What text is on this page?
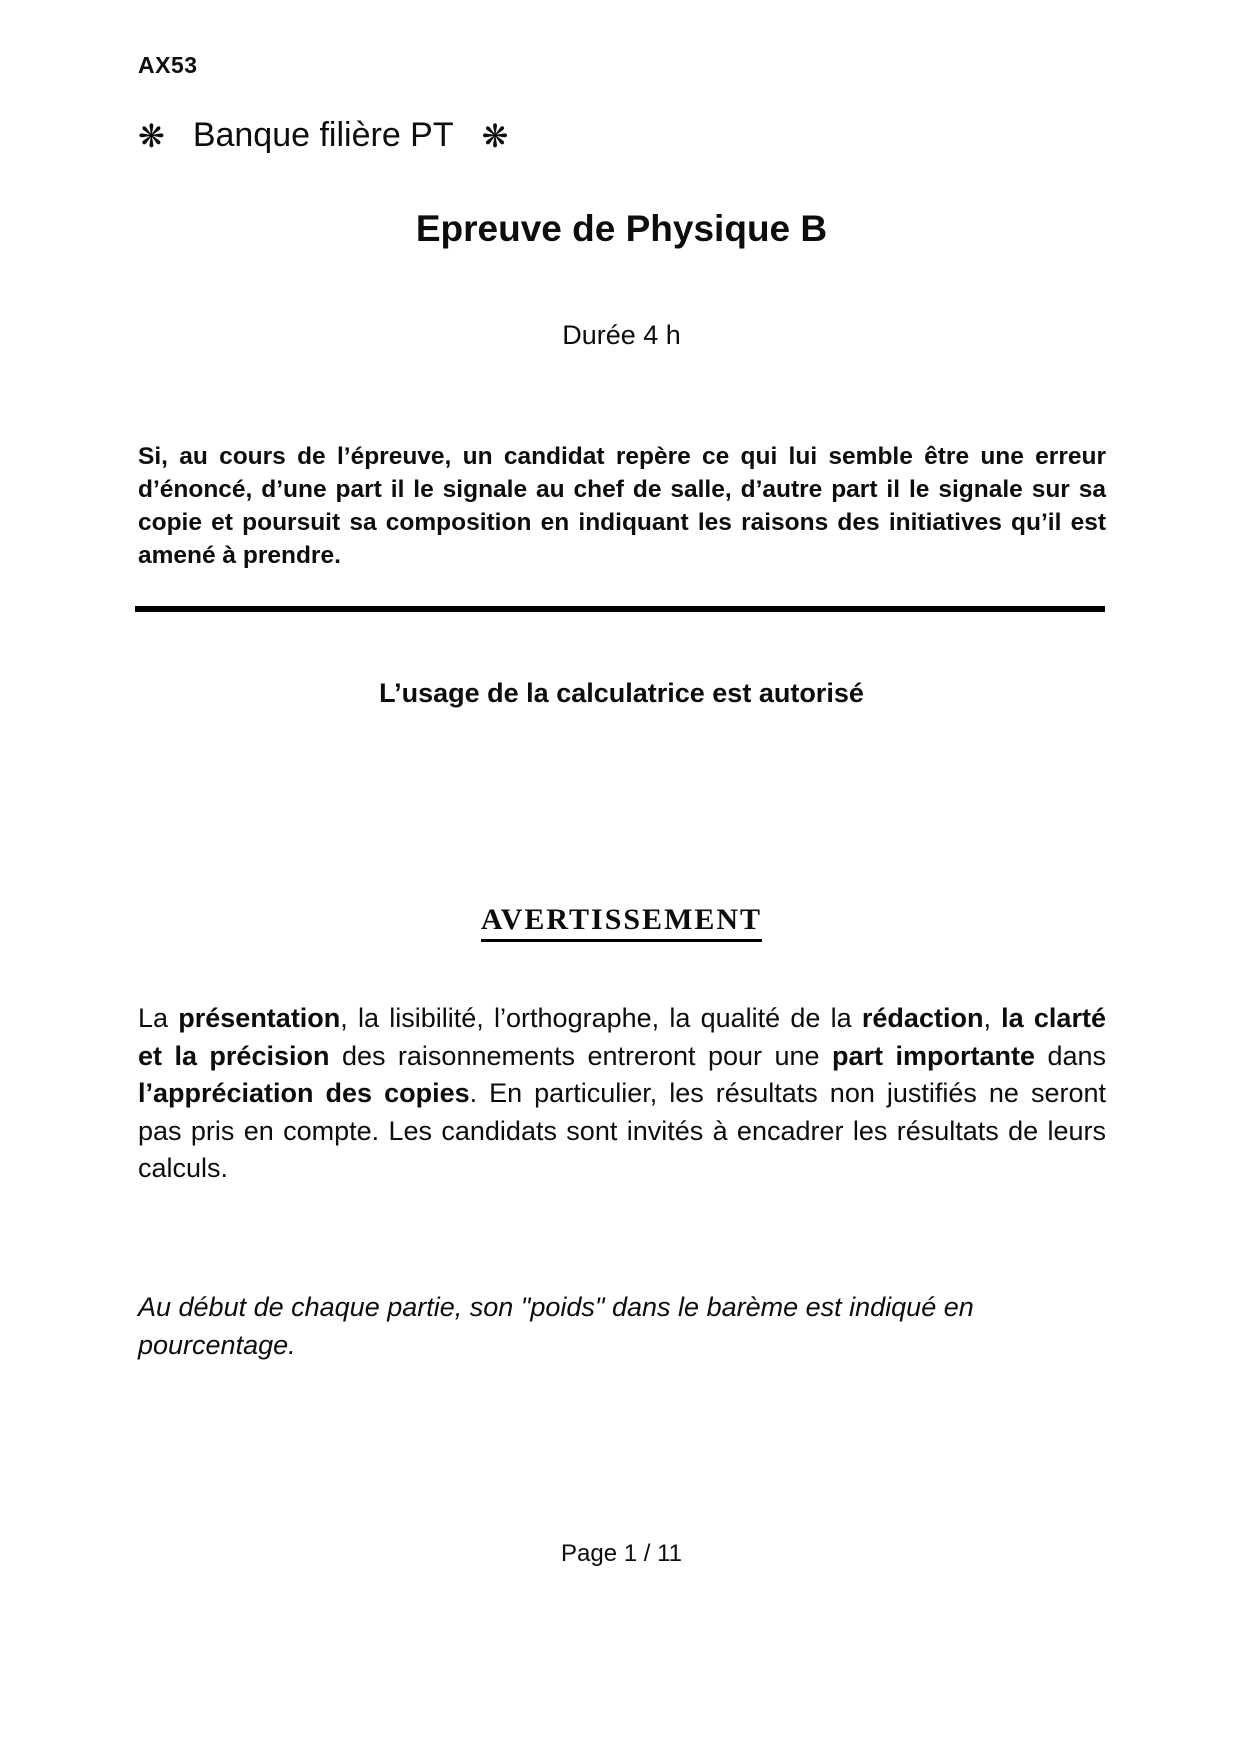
AX53
❋ Banque filière PT ❋
Epreuve de Physique B
Durée 4 h

Si, au cours de l’épreuve, un candidat repère ce qui lui semble être une erreur d’énoncé, d’une part il le signale au chef de salle, d’autre part il le signale sur sa copie et poursuit sa composition en indiquant les raisons des initiatives qu’il est amené à prendre.

L’usage de la calculatrice est autorisé
AVERTISSEMENT

La présentation, la lisibilité, l’orthographe, la qualité de la rédaction, la clarté et la précision des raisonnements entreront pour une part importante dans l’appréciation des copies. En particulier, les résultats non justifiés ne seront pas pris en compte. Les candidats sont invités à encadrer les résultats de leurs calculs.

Au début de chaque partie, son "poids" dans le barème est indiqué en pourcentage.

Page 1 / 11
